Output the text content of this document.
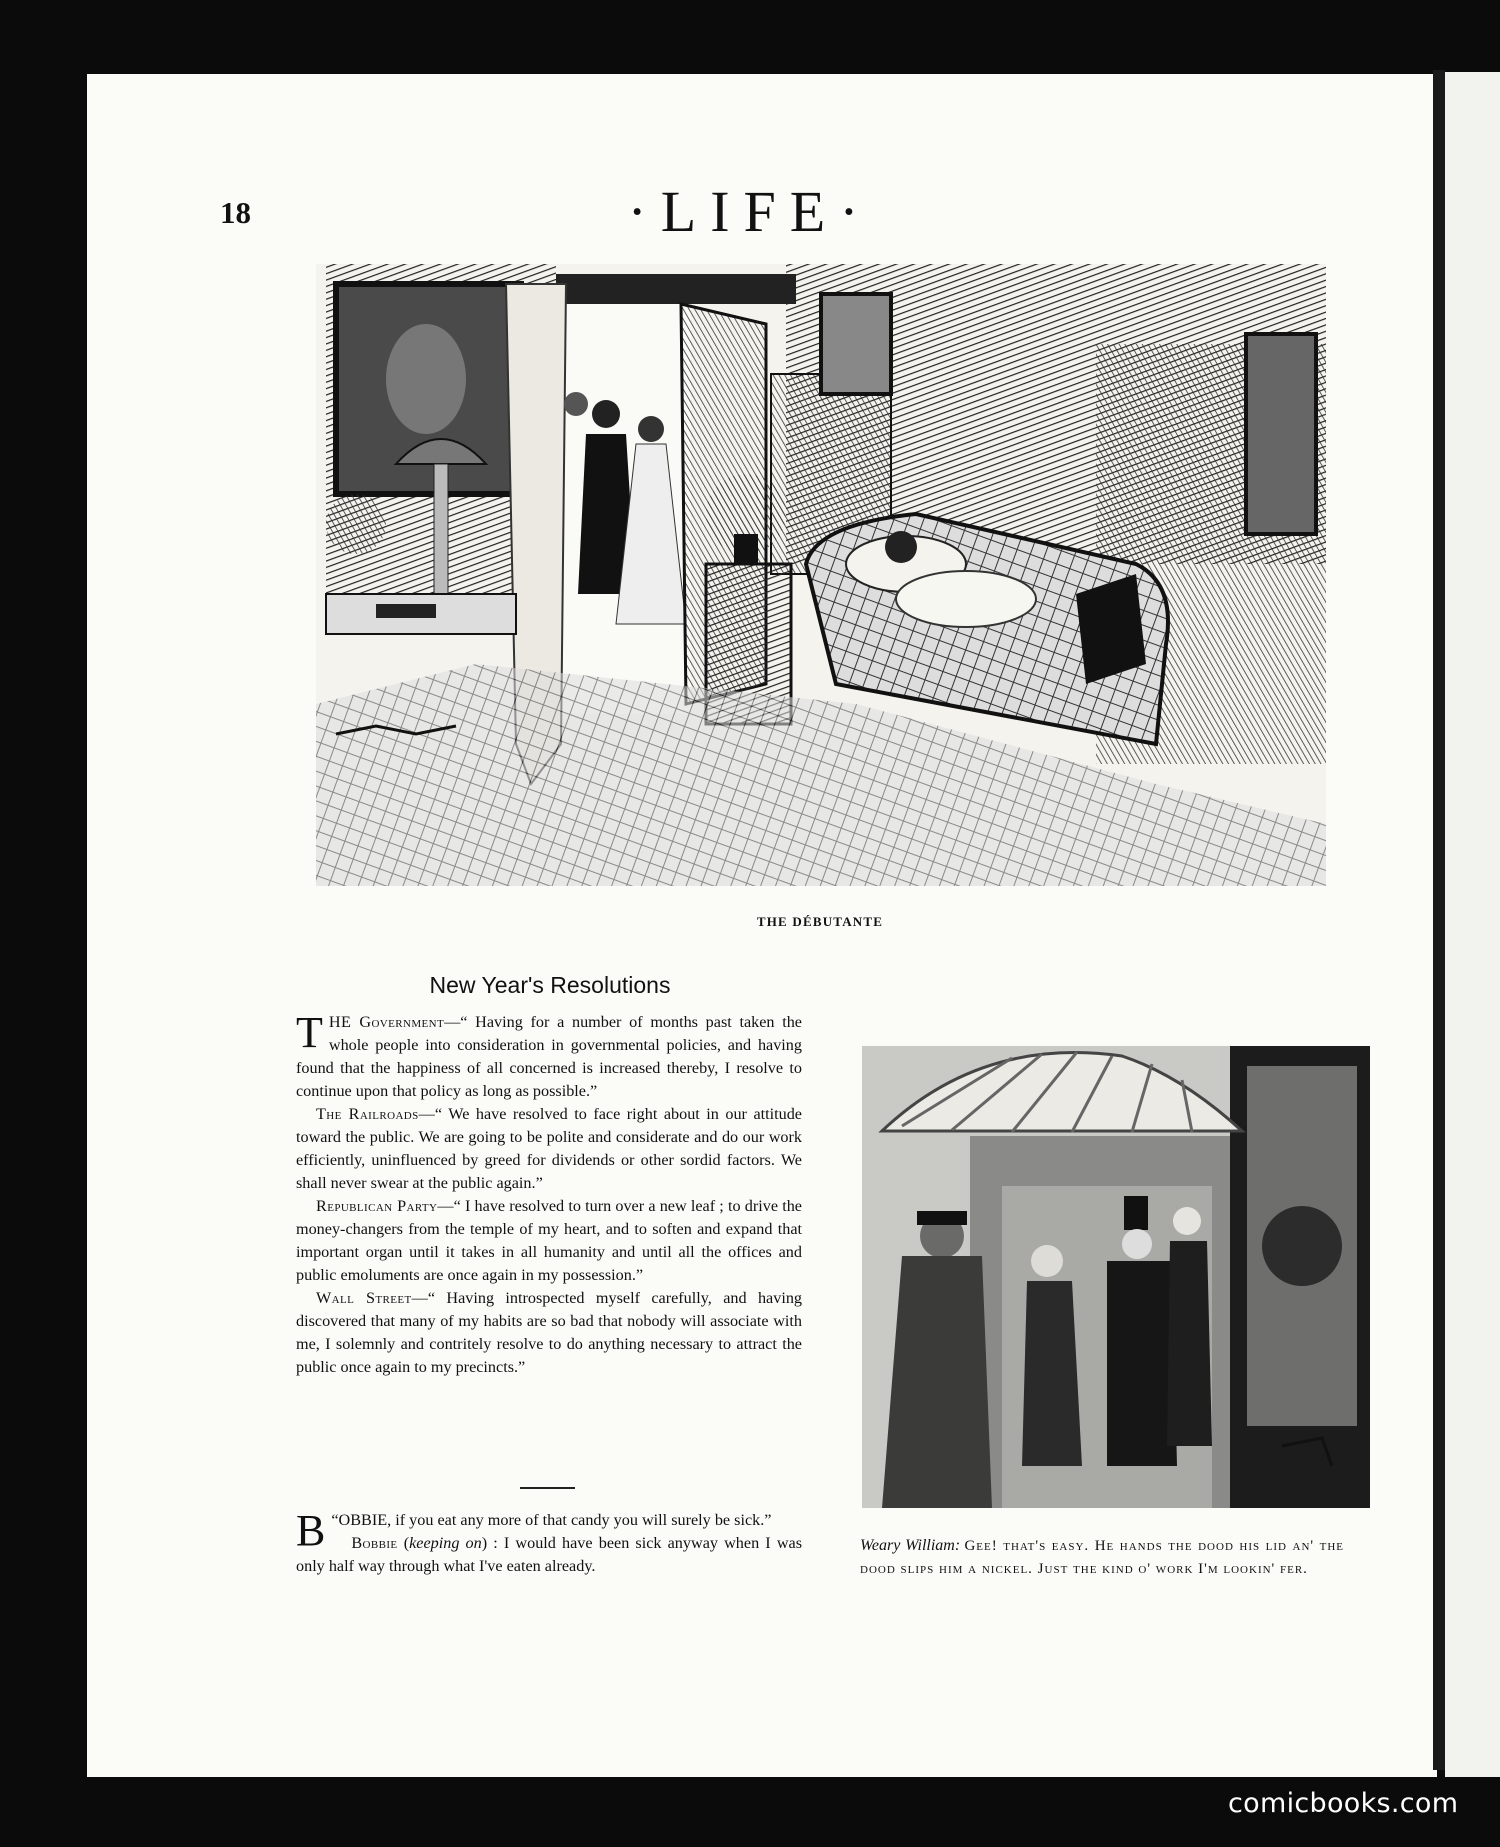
18	·LIFE·
THE DÉBUTANTE
New Year's Resolutions

THE Government—“ Having for a number of months past taken the whole people into consideration in governmental policies, and having found that the happiness of all concerned is increased thereby, I resolve to continue upon that policy as long as possible.”

The Railroads—“ We have resolved to face right about in our attitude toward the public. We are going to be polite and considerate and do our work efficiently, uninfluenced by greed for dividends or other sordid factors. We shall never swear at the public again.”

Republican Party—“ I have resolved to turn over a new leaf ; to drive the money-changers from the temple of my heart, and to soften and expand that important organ until it takes in all humanity and until all the offices and public emoluments are once again in my possession.”

Wall Street—“ Having introspected myself carefully, and having discovered that many of my habits are so bad that nobody will associate with me, I solemnly and contritely resolve to do anything necessary to attract the public once again to my precincts.”

“
B OBBIE, if you eat any more of that candy you will surely be sick.”

Bobbie (keeping on) : I would have been sick anyway when I was only half way through what I've eaten already.

Weary William: Gee! that's easy. He hands the dood his lid an' the dood slips him a nickel. Just the kind o' work I'm lookin' fer.
comicbooks.com
